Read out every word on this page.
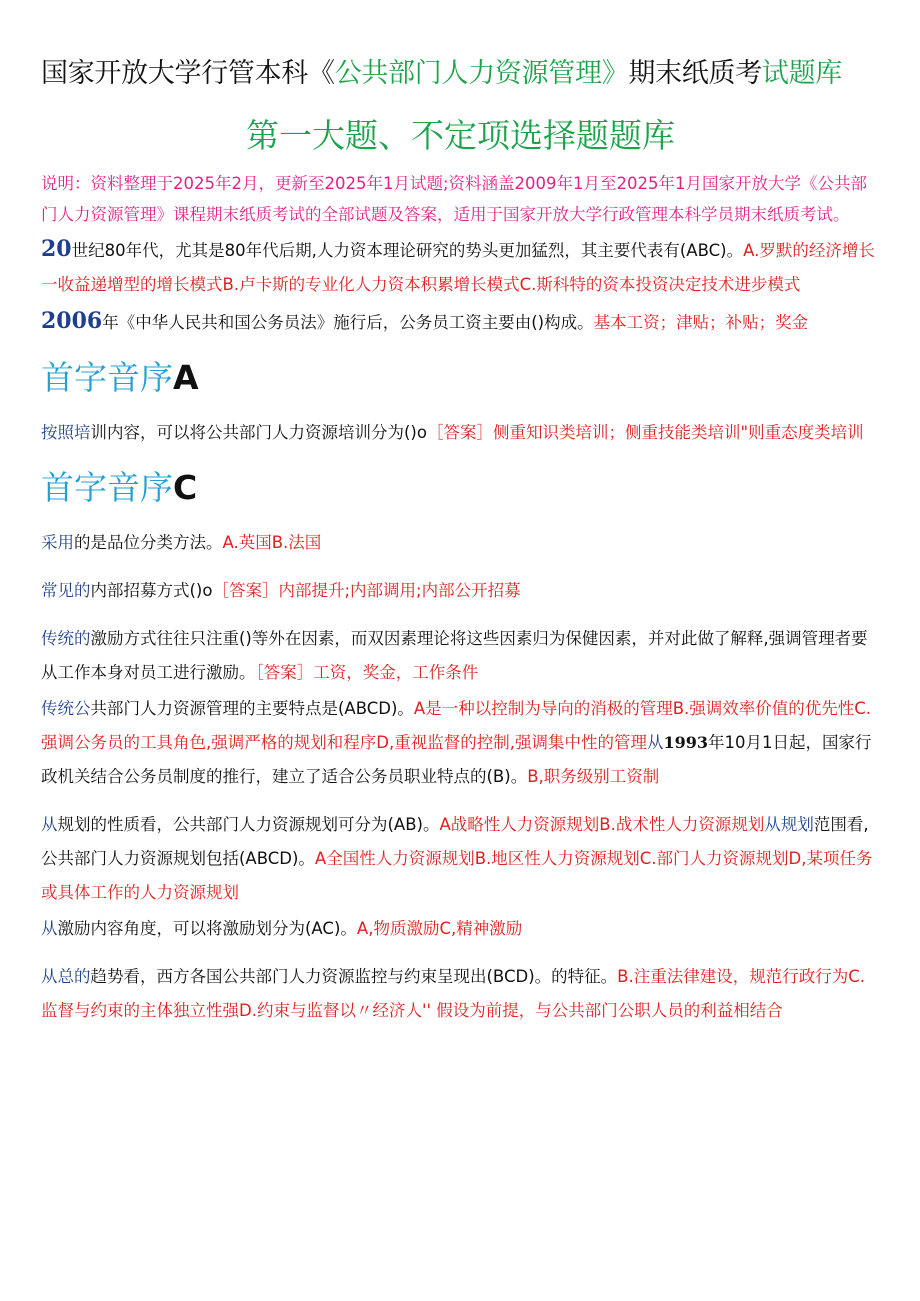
国家开放大学行管本科《公共部门人力资源管理》期末纸质考试题库
第一大题、不定项选择题题库
说明：资料整理于2025年2月，更新至2025年1月试题;资料涵盖2009年1月至2025年1月国家开放大学《公共部门人力资源管理》课程期末纸质考试的全部试题及答案，适用于国家开放大学行政管理本科学员期末纸质考试。
20世纪80年代，尤其是80年代后期,人力资本理论研究的势头更加猛烈，其主要代表有(ABC)。A.罗默的经济增长一收益递增型的增长模式B.卢卡斯的专业化人力资本积累增长模式C.斯科特的资本投资决定技术进步模式
2006年《中华人民共和国公务员法》施行后，公务员工资主要由()构成。基本工资；津贴；补贴；奖金
首字音序A
按照培训内容，可以将公共部门人力资源培训分为()o［答案］侧重知识类培训；侧重技能类培训"则重态度类培训
首字音序C
采用的是品位分类方法。A.英国B.法国
常见的内部招募方式()o［答案］内部提升;内部调用;内部公开招募
传统的激励方式往往只注重()等外在因素，而双因素理论将这些因素归为保健因素，并对此做了解释,强调管理者要从工作本身对员工进行激励。［答案］工资，奖金，工作条件
传统公共部门人力资源管理的主要特点是(ABCD)。A是一种以控制为导向的消极的管理B.强调效率价值的优先性C.强调公务员的工具角色,强调严格的规划和程序D,重视监督的控制,强调集中性的管理从1993年10月1日起，国家行政机关结合公务员制度的推行，建立了适合公务员职业特点的(B)。B,职务级别工资制
从规划的性质看，公共部门人力资源规划可分为(AB)。A战略性人力资源规划B.战术性人力资源规划从规划范围看,公共部门人力资源规划包括(ABCD)。A全国性人力资源规划B.地区性人力资源规划C.部门人力资源规划D,某项任务或具体工作的人力资源规划
从激励内容角度，可以将激励划分为(AC)。A,物质激励C,精神激励
从总的趋势看，西方各国公共部门人力资源监控与约束呈现出(BCD)。的特征。B.注重法律建设，规范行政行为C.监督与约束的主体独立性强D.约束与监督以〃经济人'' 假设为前提，与公共部门公职人员的利益相结合
